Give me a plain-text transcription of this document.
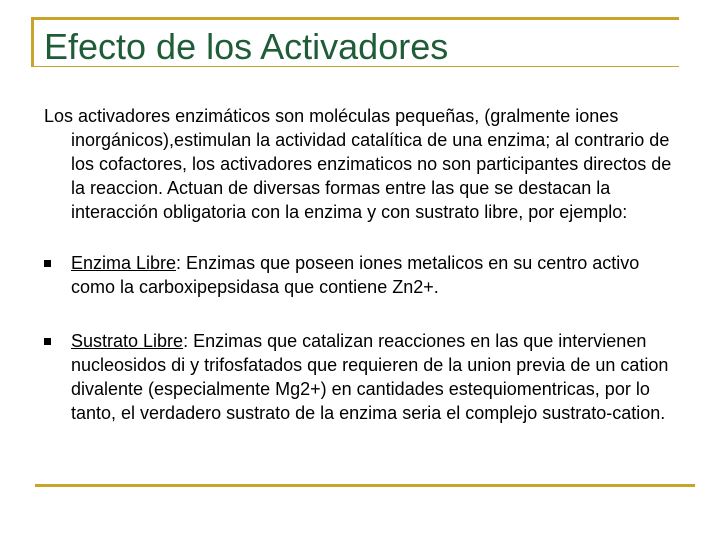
Efecto de los Activadores

Los activadores enzimáticos son moléculas pequeñas, (gralmente iones inorgánicos),estimulan la actividad catalítica de una enzima; al contrario de los cofactores, los activadores enzimaticos no son participantes directos de la reaccion. Actuan de diversas formas entre las que se destacan la interacción obligatoria con la enzima y con sustrato libre, por ejemplo:

Enzima Libre: Enzimas que poseen iones metalicos en su centro activo como la carboxipepsidasa que contiene Zn2+.
Sustrato Libre: Enzimas que catalizan reacciones en las que intervienen nucleosidos di y trifosfatados que requieren de la union previa de un cation divalente (especialmente Mg2+) en cantidades estequiomentricas, por lo tanto, el verdadero sustrato de la enzima seria el complejo sustrato-cation.
